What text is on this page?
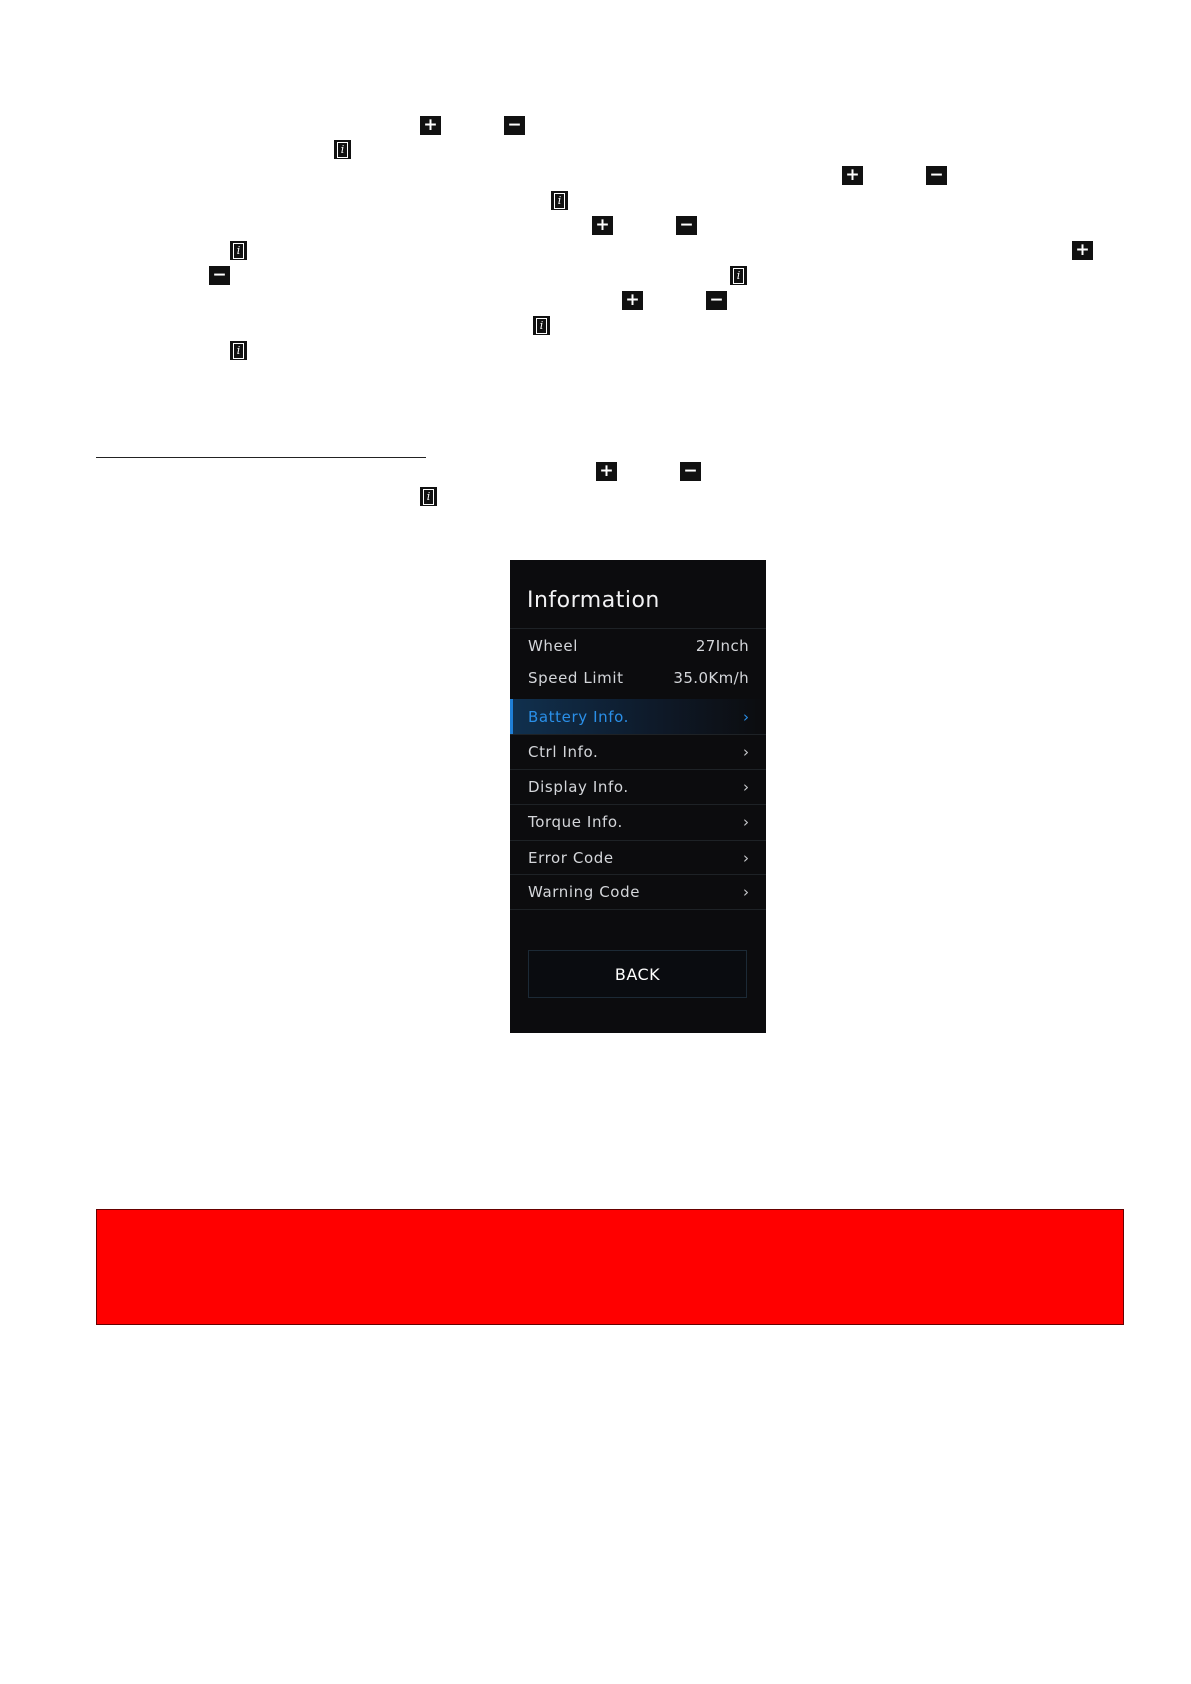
+	−
i
+	−
i
+	−
i	+
−	i
+	−
i
i
+	−
i
Information
Wheel	27Inch
Speed Limit	35.0Km/h
Battery Info.	›
Ctrl Info.	›
Display Info.	›
Torque Info.	›
Error Code	›
Warning Code	›
BACK
